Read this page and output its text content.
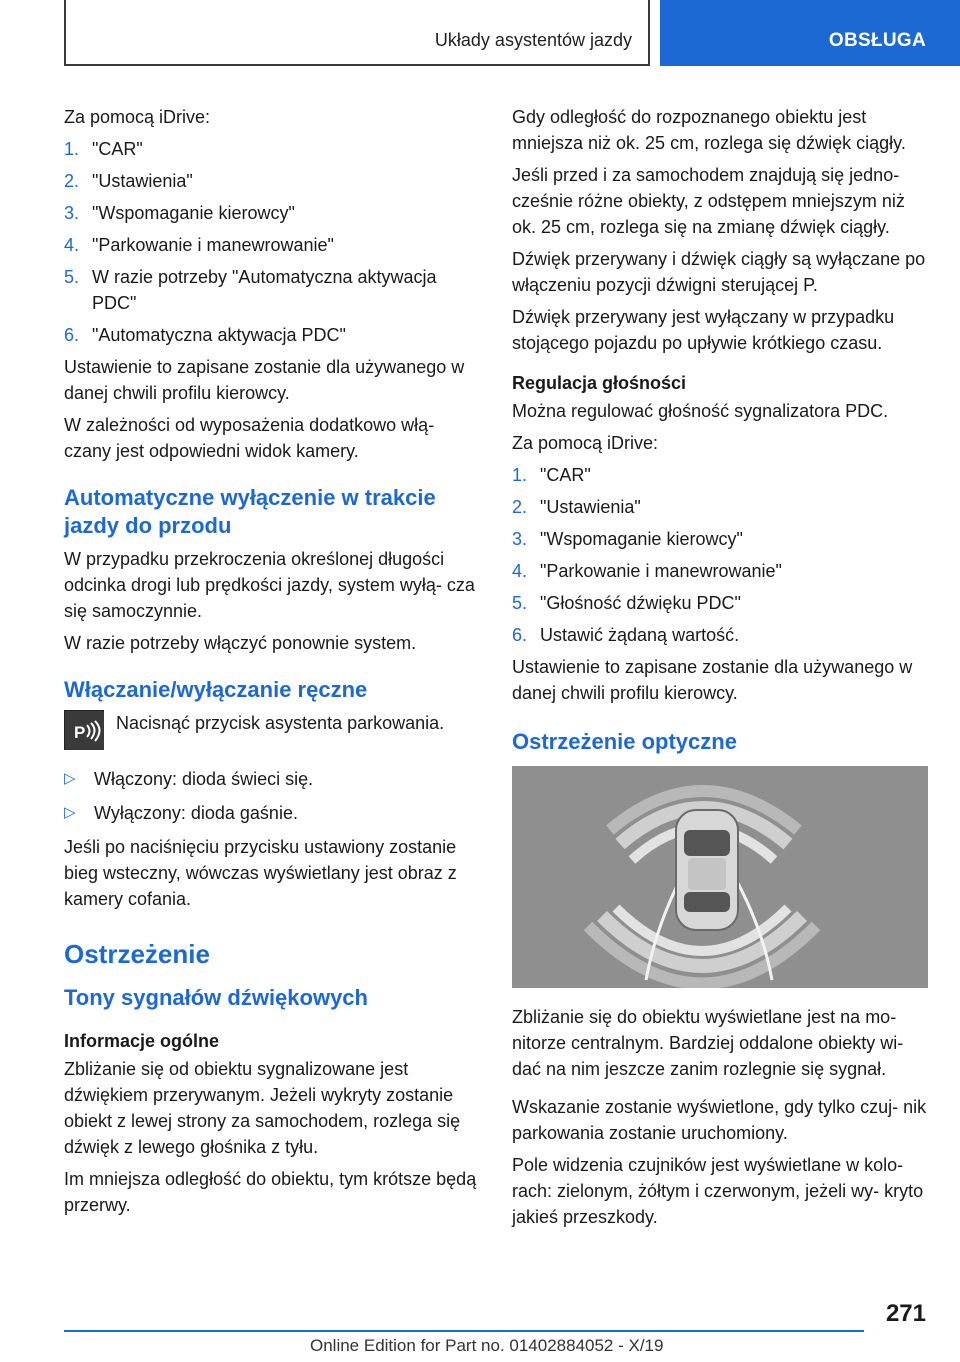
Układy asystentów jazdy	OBSŁUGA

Za pomocą iDrive:

1. "CAR"
2. "Ustawienia"
3. "Wspomaganie kierowcy"
4. "Parkowanie i manewrowanie"
5. W razie potrzeby "Automatyczna aktywacja PDC"
6. "Automatyczna aktywacja PDC"

Ustawienie to zapisane zostanie dla używanego w danej chwili profilu kierowcy.

W zależności od wyposażenia dodatkowo włą‐ czany jest odpowiedni widok kamery.

Automatyczne wyłączenie w trakcie jazdy do przodu

W przypadku przekroczenia określonej długości odcinka drogi lub prędkości jazdy, system wyłą‐ cza się samoczynnie.

W razie potrzeby włączyć ponownie system.

Włączanie/wyłączanie ręczne
P Nacisnąć przycisk asystenta parkowania.

▷ Włączony: dioda świeci się.
▷ Wyłączony: dioda gaśnie.

Jeśli po naciśnięciu przycisku ustawiony zostanie bieg wsteczny, wówczas wyświetlany jest obraz z kamery cofania.

Ostrzeżenie
Tony sygnałów dźwiękowych
Informacje ogólne

Zbliżanie się od obiektu sygnalizowane jest dźwiękiem przerywanym. Jeżeli wykryty zostanie obiekt z lewej strony za samochodem, rozlega się dźwięk z lewego głośnika z tyłu.

Im mniejsza odległość do obiektu, tym krótsze będą przerwy.

Gdy odległość do rozpoznanego obiektu jest mniejsza niż ok. 25 cm, rozlega się dźwięk ciągły.

Jeśli przed i za samochodem znajdują się jedno‐ cześnie różne obiekty, z odstępem mniejszym niż ok. 25 cm, rozlega się na zmianę dźwięk ciągły.

Dźwięk przerywany i dźwięk ciągły są wyłączane po włączeniu pozycji dźwigni sterującej P.

Dźwięk przerywany jest wyłączany w przypadku stojącego pojazdu po upływie krótkiego czasu.

Regulacja głośności

Można regulować głośność sygnalizatora PDC.

Za pomocą iDrive:

1. "CAR"
2. "Ustawienia"
3. "Wspomaganie kierowcy"
4. "Parkowanie i manewrowanie"
5. "Głośność dźwięku PDC"
6. Ustawić żądaną wartość.

Ustawienie to zapisane zostanie dla używanego w danej chwili profilu kierowcy.

Ostrzeżenie optyczne

Zbliżanie się do obiektu wyświetlane jest na mo‐ nitorze centralnym. Bardziej oddalone obiekty wi‐ dać na nim jeszcze zanim rozlegnie się sygnał.

Wskazanie zostanie wyświetlone, gdy tylko czuj‐ nik parkowania zostanie uruchomiony.

Pole widzenia czujników jest wyświetlane w kolo‐ rach: zielonym, żółtym i czerwonym, jeżeli wy‐ kryto jakieś przeszkody.

271
Online Edition for Part no. 01402884052 - X/19
